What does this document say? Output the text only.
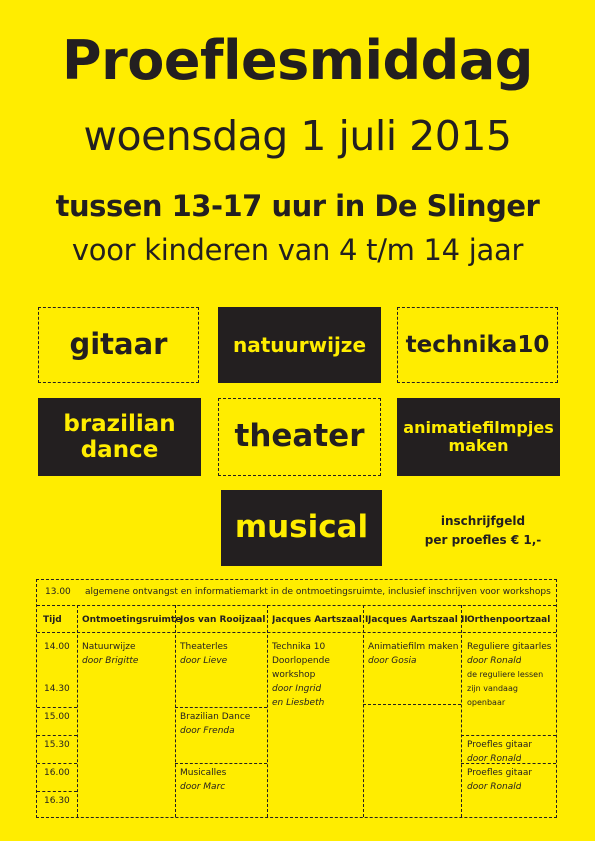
Proeflesmiddag
woensdag 1 juli 2015
tussen 13-17 uur in De Slinger
voor kinderen van 4 t/m 14 jaar
gitaar	natuurwijze technika10
brazilian
dance theater animatiefilmpjes
maken
musical	inschrijfgeld
per proefles € 1,-
13.00 algemene ontvangst en informatiemarkt in de ontmoetingsruimte, inclusief inschrijven voor workshops
Tijd Ontmoetingsruimte
Jos van Rooijzaal Jacques Aartszaal I Jacques Aartszaal II Orthenpoortzaal
14.00
14.30
15.00
15.30
16.00
16.30
Natuurwijze
door Brigitte
Theaterles
door Lieve
Brazilian Dance
door Frenda
Musicalles
door Marc
Technika 10
Doorlopende
workshop
door Ingrid
en Liesbeth
Animatiefilm maken
door Gosia
Reguliere gitaarles
door Ronald
de reguliere lessen
zijn vandaag openbaar
Proefles gitaar
door Ronald
Proefles gitaar
door Ronald
